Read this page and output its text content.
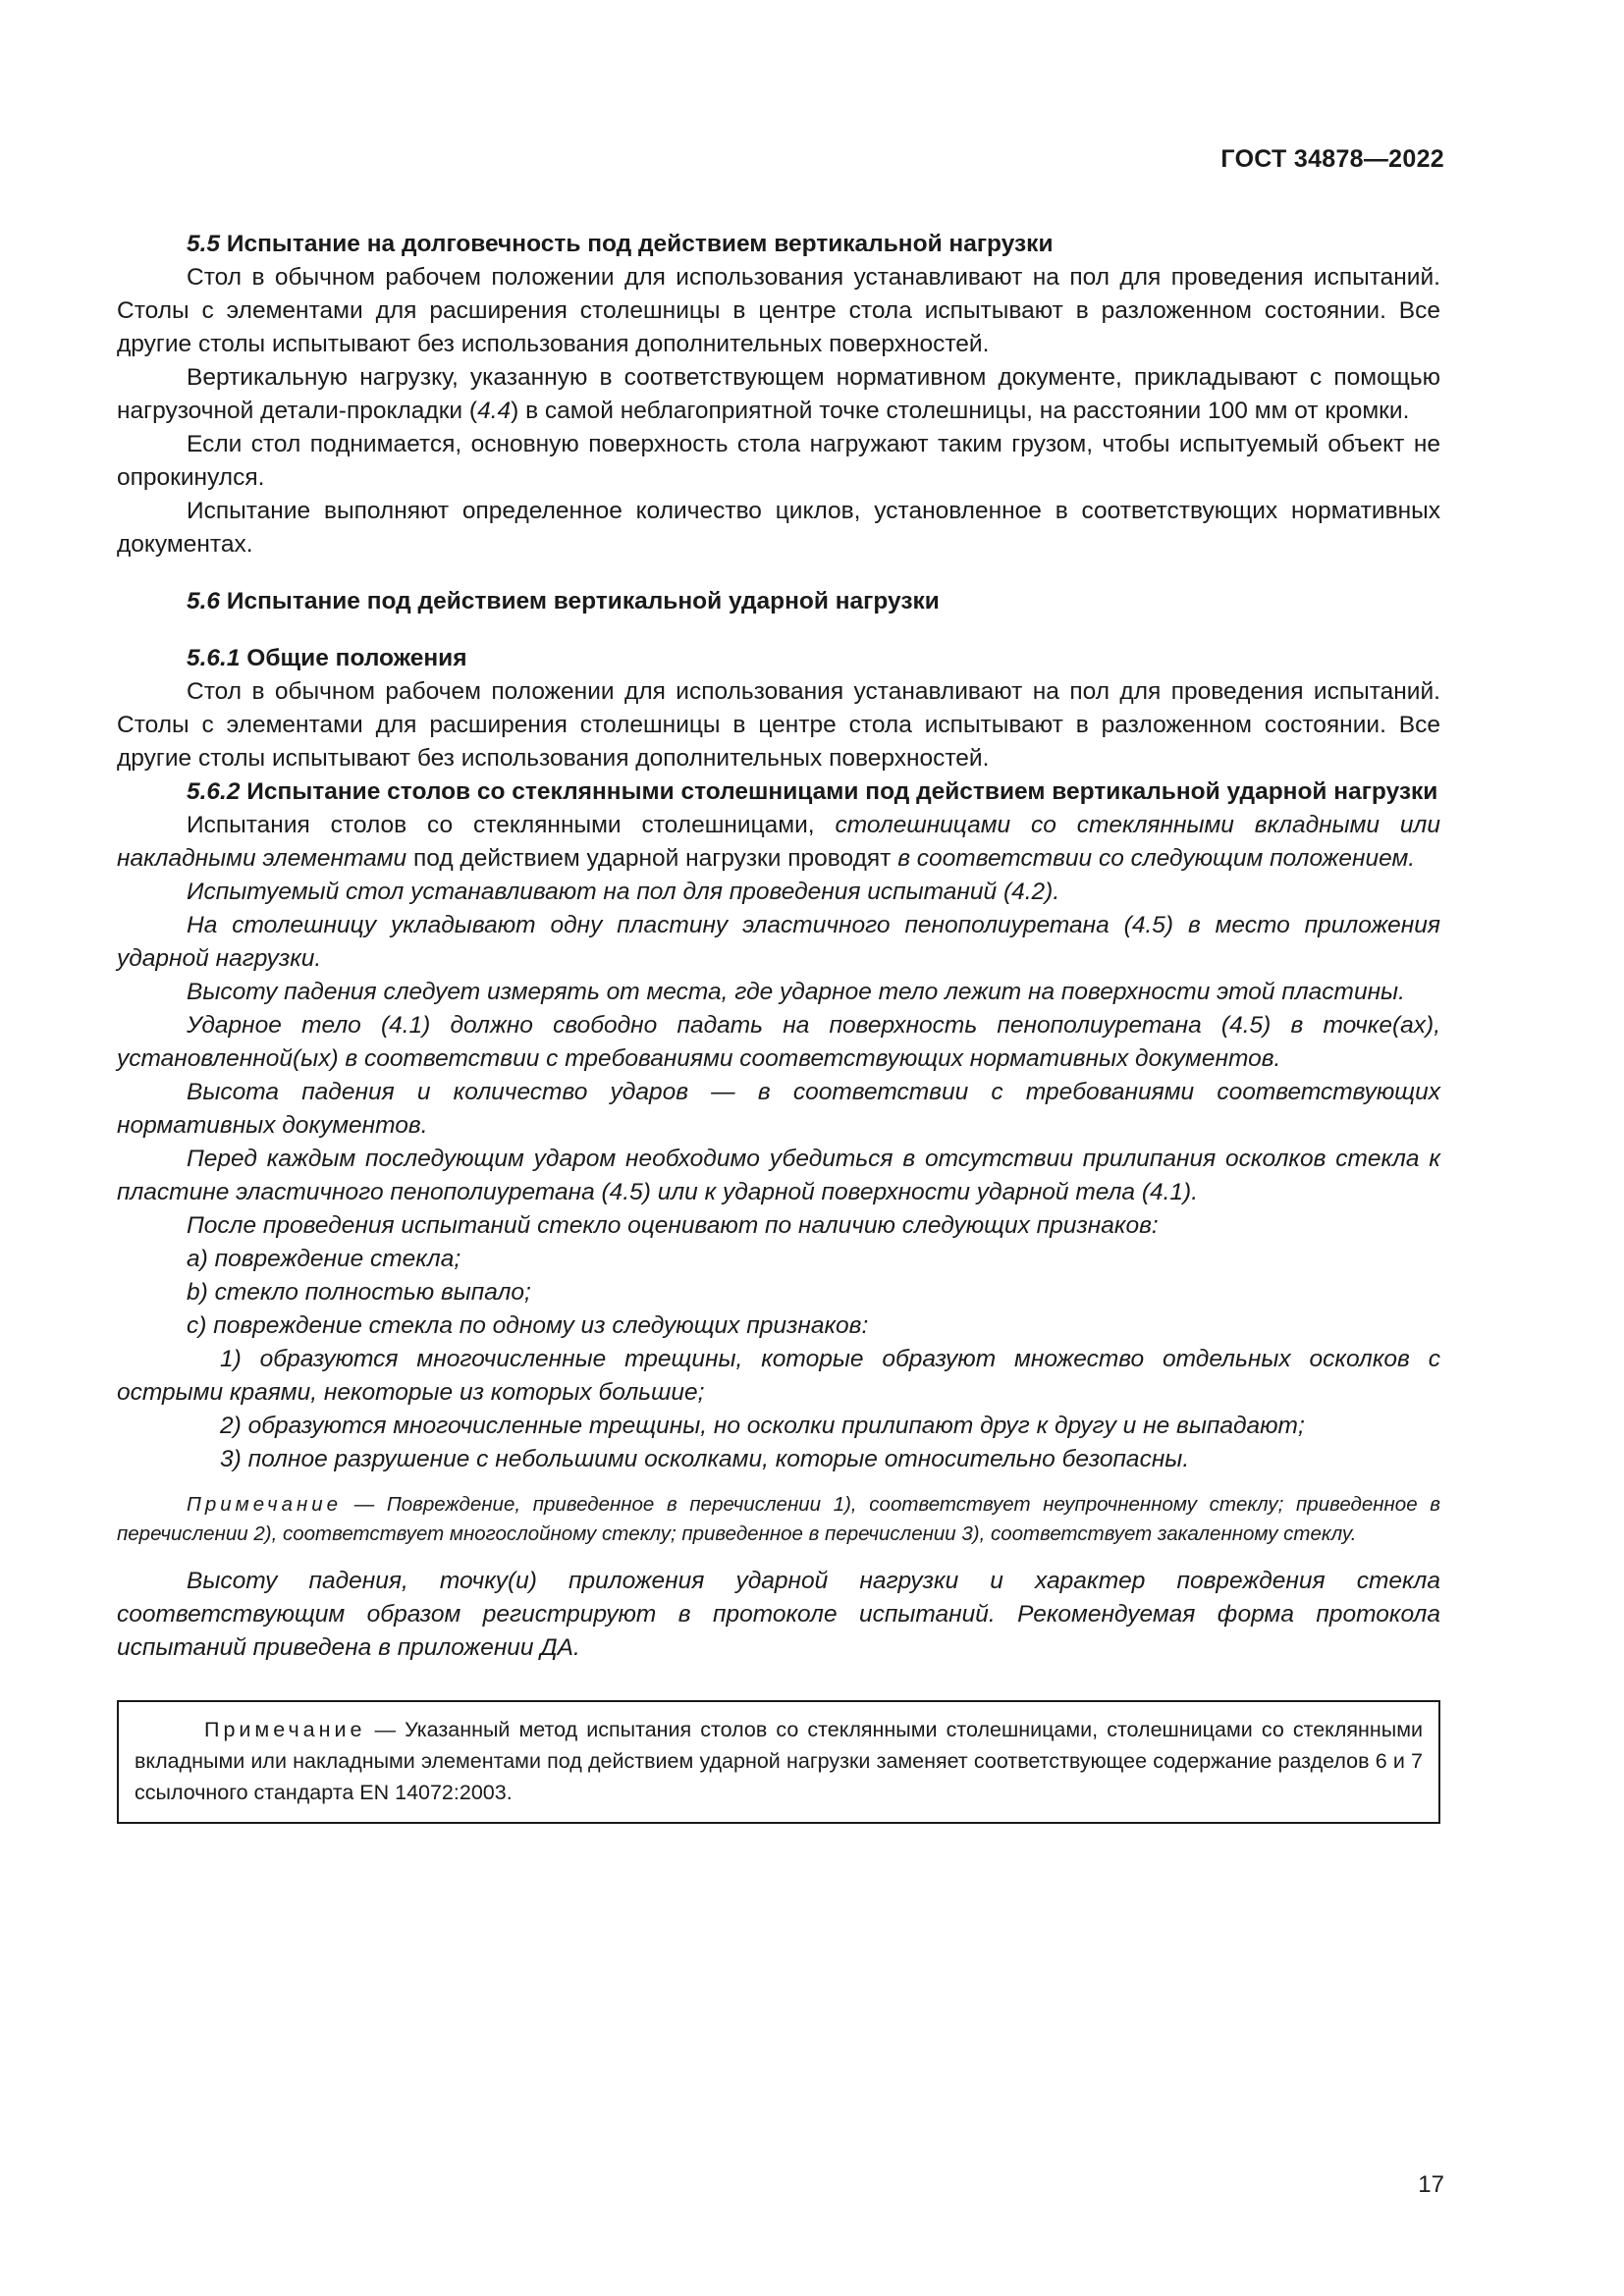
ГОСТ 34878—2022

5.5 Испытание на долговечность под действием вертикальной нагрузки

Стол в обычном рабочем положении для использования устанавливают на пол для проведения испытаний. Столы с элементами для расширения столешницы в центре стола испытывают в разложенном состоянии. Все другие столы испытывают без использования дополнительных поверхностей.

Вертикальную нагрузку, указанную в соответствующем нормативном документе, прикладывают с помощью нагрузочной детали-прокладки (4.4) в самой неблагоприятной точке столешницы, на расстоянии 100 мм от кромки.

Если стол поднимается, основную поверхность стола нагружают таким грузом, чтобы испытуемый объект не опрокинулся.

Испытание выполняют определенное количество циклов, установленное в соответствующих нормативных документах.

5.6 Испытание под действием вертикальной ударной нагрузки

5.6.1 Общие положения

Стол в обычном рабочем положении для использования устанавливают на пол для проведения испытаний. Столы с элементами для расширения столешницы в центре стола испытывают в разложенном состоянии. Все другие столы испытывают без использования дополнительных поверхностей.

5.6.2 Испытание столов со стеклянными столешницами под действием вертикальной ударной нагрузки

Испытания столов со стеклянными столешницами, столешницами со стеклянными вкладными или накладными элементами под действием ударной нагрузки проводят в соответствии со следующим положением.

Испытуемый стол устанавливают на пол для проведения испытаний (4.2).

На столешницу укладывают одну пластину эластичного пенополиуретана (4.5) в место приложения ударной нагрузки.

Высоту падения следует измерять от места, где ударное тело лежит на поверхности этой пластины.

Ударное тело (4.1) должно свободно падать на поверхность пенополиуретана (4.5) в точке(ах), установленной(ых) в соответствии с требованиями соответствующих нормативных документов.

Высота падения и количество ударов — в соответствии с требованиями соответствующих нормативных документов.

Перед каждым последующим ударом необходимо убедиться в отсутствии прилипания осколков стекла к пластине эластичного пенополиуретана (4.5) или к ударной поверхности ударной тела (4.1).

После проведения испытаний стекло оценивают по наличию следующих признаков:

a) повреждение стекла;

b) стекло полностью выпало;

c) повреждение стекла по одному из следующих признаков:

1) образуются многочисленные трещины, которые образуют множество отдельных осколков с острыми краями, некоторые из которых большие;

2) образуются многочисленные трещины, но осколки прилипают друг к другу и не выпадают;

3) полное разрушение с небольшими осколками, которые относительно безопасны.

Примечание — Повреждение, приведенное в перечислении 1), соответствует неупрочненному стеклу; приведенное в перечислении 2), соответствует многослойному стеклу; приведенное в перечислении 3), соответствует закаленному стеклу.

Высоту падения, точку(и) приложения ударной нагрузки и характер повреждения стекла соответствующим образом регистрируют в протоколе испытаний. Рекомендуемая форма протокола испытаний приведена в приложении ДА.

Примечание — Указанный метод испытания столов со стеклянными столешницами, столешницами со стеклянными вкладными или накладными элементами под действием ударной нагрузки заменяет соответствующее содержание разделов 6 и 7 ссылочного стандарта EN 14072:2003.
17
